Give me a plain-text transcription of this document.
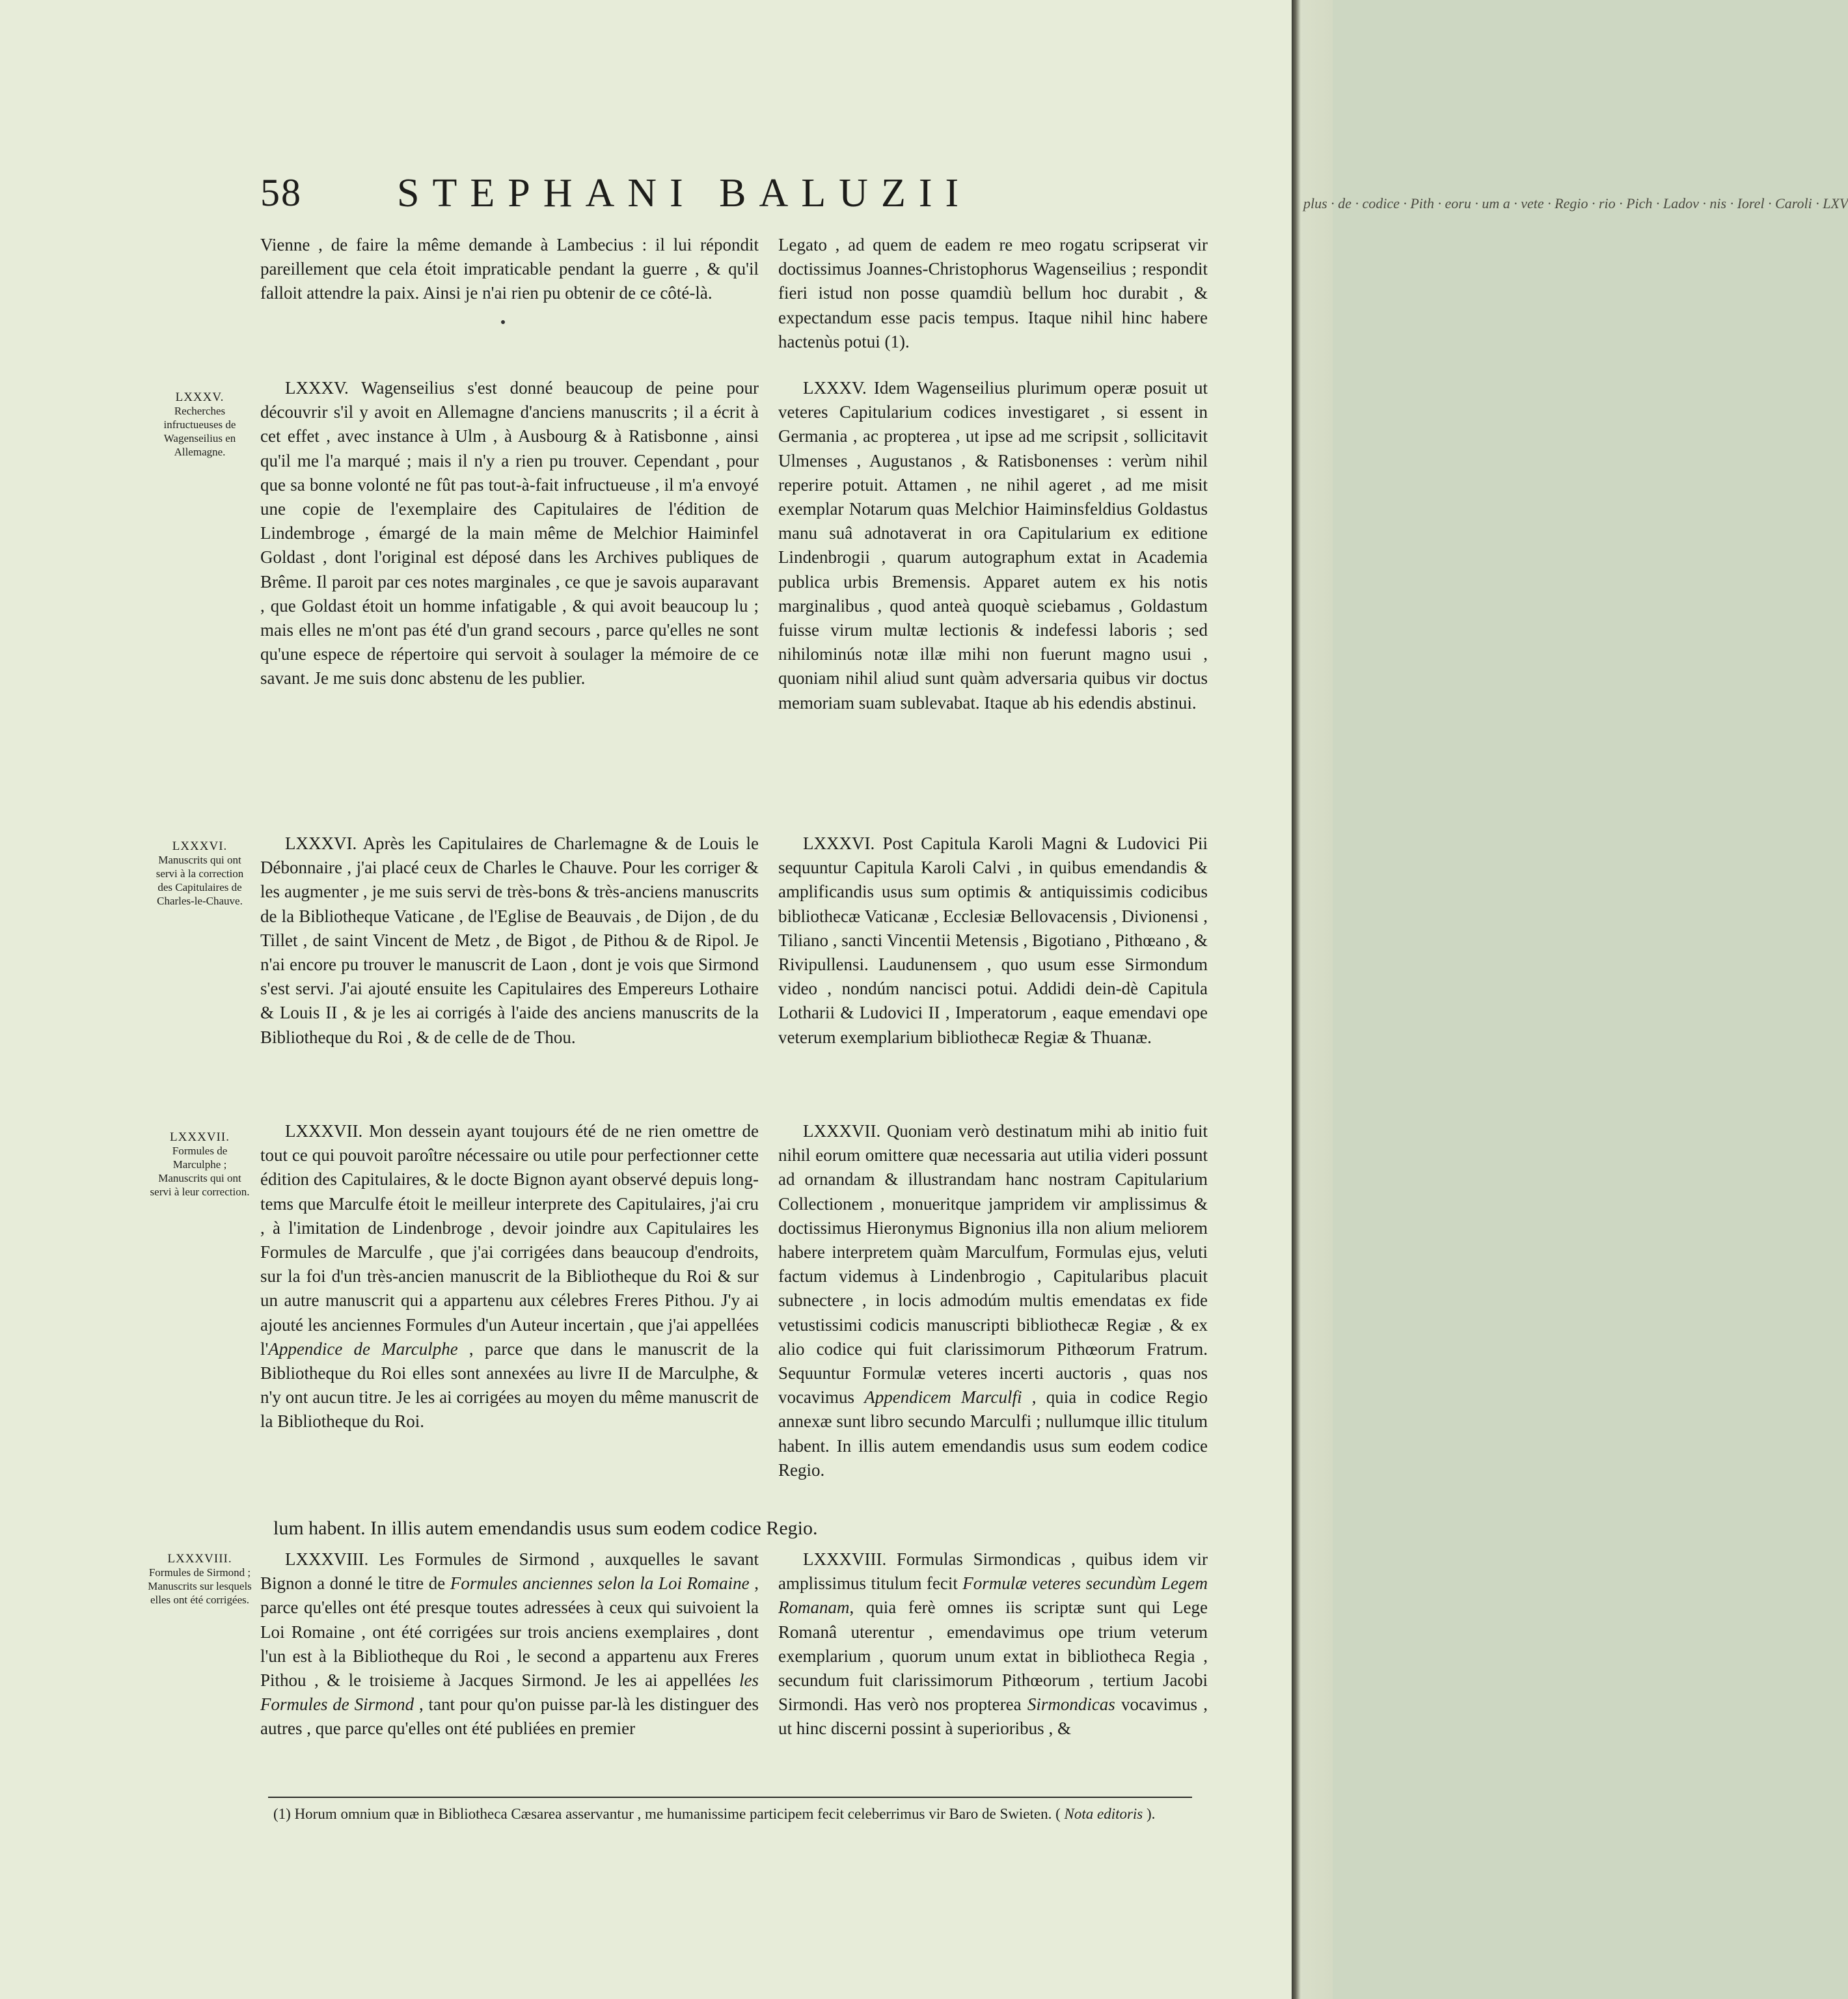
plus · de · codice · Pith · eoru · um a · vete · Regio · rio · Pich · Ladov · nis · Iorel · Caroli · LXV
58 STEPHANI BALUZII
LXXXV.
Recherches infructueuses de Wagenseilius en Allemagne.
LXXXVI.
Manuscrits qui ont servi à la correction des Capitulaires de Charles-le-Chauve.
LXXXVII.
Formules de Marculphe ; Manuscrits qui ont servi à leur correction.
LXXXVIII.
Formules de Sirmond ; Manuscrits sur lesquels elles ont été corrigées.

Vienne , de faire la même demande à Lambecius : il lui répondit pareillement que cela étoit impraticable pendant la guerre , & qu'il falloit attendre la paix. Ainsi je n'ai rien pu obtenir de ce côté-là.

LXXXV. Wagenseilius s'est donné beaucoup de peine pour découvrir s'il y avoit en Allemagne d'anciens manuscrits ; il a écrit à cet effet , avec instance à Ulm , à Ausbourg & à Ratisbonne , ainsi qu'il me l'a marqué ; mais il n'y a rien pu trouver. Cependant , pour que sa bonne volonté ne fût pas tout-à-fait infructueuse , il m'a envoyé une copie de l'exemplaire des Capitulaires de l'édition de Lindembroge , émargé de la main même de Melchior Haiminfel Goldast , dont l'original est déposé dans les Archives publiques de Brême. Il paroit par ces notes marginales , ce que je savois auparavant , que Goldast étoit un homme infatigable , & qui avoit beaucoup lu ; mais elles ne m'ont pas été d'un grand secours , parce qu'elles ne sont qu'une espece de répertoire qui servoit à soulager la mémoire de ce savant. Je me suis donc abstenu de les publier.

LXXXVI. Après les Capitulaires de Charlemagne & de Louis le Débonnaire , j'ai placé ceux de Charles le Chauve. Pour les corriger & les augmenter , je me suis servi de très-bons & très-anciens manuscrits de la Bibliotheque Vaticane , de l'Eglise de Beauvais , de Dijon , de du Tillet , de saint Vincent de Metz , de Bigot , de Pithou & de Ripol. Je n'ai encore pu trouver le manuscrit de Laon , dont je vois que Sirmond s'est servi. J'ai ajouté ensuite les Capitulaires des Empereurs Lothaire & Louis II , & je les ai corrigés à l'aide des anciens manuscrits de la Bibliotheque du Roi , & de celle de de Thou.

LXXXVII. Mon dessein ayant toujours été de ne rien omettre de tout ce qui pouvoit paroître nécessaire ou utile pour perfectionner cette édition des Capitulaires, & le docte Bignon ayant observé depuis long-tems que Marculfe étoit le meilleur interprete des Capitulaires, j'ai cru , à l'imitation de Lindenbroge , devoir joindre aux Capitulaires les Formules de Marculfe , que j'ai corrigées dans beaucoup d'endroits, sur la foi d'un très-ancien manuscrit de la Bibliotheque du Roi & sur un autre manuscrit qui a appartenu aux célebres Freres Pithou. J'y ai ajouté les anciennes Formules d'un Auteur incertain , que j'ai appellées l'Appendice de Marculphe , parce que dans le manuscrit de la Bibliotheque du Roi elles sont annexées au livre II de Marculphe, & n'y ont aucun titre. Je les ai corrigées au moyen du même manuscrit de la Bibliotheque du Roi.

LXXXVIII. Les Formules de Sirmond , auxquelles le savant Bignon a donné le titre de Formules anciennes selon la Loi Romaine , parce qu'elles ont été presque toutes adressées à ceux qui suivoient la Loi Romaine , ont été corrigées sur trois anciens exemplaires , dont l'un est à la Bibliotheque du Roi , le second a appartenu aux Freres Pithou , & le troisieme à Jacques Sirmond. Je les ai appellées les Formules de Sirmond , tant pour qu'on puisse par-là les distinguer des autres , que parce qu'elles ont été publiées en premier

Legato , ad quem de eadem re meo rogatu scripserat vir doctissimus Joannes-Christophorus Wagenseilius ; respondit fieri istud non posse quamdiù bellum hoc durabit , & expectandum esse pacis tempus. Itaque nihil hinc habere hactenùs potui (1).

LXXXV. Idem Wagenseilius plurimum operæ posuit ut veteres Capitularium codices investigaret , si essent in Germania , ac propterea , ut ipse ad me scripsit , sollicitavit Ulmenses , Augustanos , & Ratisbonenses : verùm nihil reperire potuit. Attamen , ne nihil ageret , ad me misit exemplar Notarum quas Melchior Haiminsfeldius Goldastus manu suâ adnotaverat in ora Capitularium ex editione Lindenbrogii , quarum autographum extat in Academia publica urbis Bremensis. Apparet autem ex his notis marginalibus , quod anteà quoquè sciebamus , Goldastum fuisse virum multæ lectionis & indefessi laboris ; sed nihilominús notæ illæ mihi non fuerunt magno usui , quoniam nihil aliud sunt quàm adversaria quibus vir doctus memoriam suam sublevabat. Itaque ab his edendis abstinui.

LXXXVI. Post Capitula Karoli Magni & Ludovici Pii sequuntur Capitula Karoli Calvi , in quibus emendandis & amplificandis usus sum optimis & antiquissimis codicibus bibliothecæ Vaticanæ , Ecclesiæ Bellovacensis , Divionensi , Tiliano , sancti Vincentii Metensis , Bigotiano , Pithœano , & Rivipullensi. Laudunensem , quo usum esse Sirmondum video , nondúm nancisci potui. Addidi dein-dè Capitula Lotharii & Ludovici II , Imperatorum , eaque emendavi ope veterum exemplarium bibliothecæ Regiæ & Thuanæ.

LXXXVII. Quoniam verò destinatum mihi ab initio fuit nihil eorum omittere quæ necessaria aut utilia videri possunt ad ornandam & illustrandam hanc nostram Capitularium Collectionem , monueritque jampridem vir amplissimus & doctissimus Hieronymus Bignonius illa non alium meliorem habere interpretem quàm Marculfum, Formulas ejus, veluti factum videmus à Lindenbrogio , Capitularibus placuit subnectere , in locis admodúm multis emendatas ex fide vetustissimi codicis manuscripti bibliothecæ Regiæ , & ex alio codice qui fuit clarissimorum Pithœorum Fratrum. Sequuntur Formulæ veteres incerti auctoris , quas nos vocavimus Appendicem Marculfi , quia in codice Regio annexæ sunt libro secundo Marculfi ; nullumque illic titulum habent. In illis autem emendandis usus sum eodem codice Regio.

LXXXVIII. Formulas Sirmondicas , quibus idem vir amplissimus titulum fecit Formulæ veteres secundùm Legem Romanam, quia ferè omnes iis scriptæ sunt qui Lege Romanâ uterentur , emendavimus ope trium veterum exemplarium , quorum unum extat in bibliotheca Regia , secundum fuit clarissimorum Pithœorum , tertium Jacobi Sirmondi. Has verò nos propterea Sirmondicas vocavimus , ut hinc discerni possint à superioribus , &

lum habent. In illis autem emendandis usus sum eodem codice Regio.
(1) Horum omnium quæ in Bibliotheca Cæsarea asservantur , me humanissime participem fecit celeberrimus vir Baro de Swieten. ( Nota editoris ).
